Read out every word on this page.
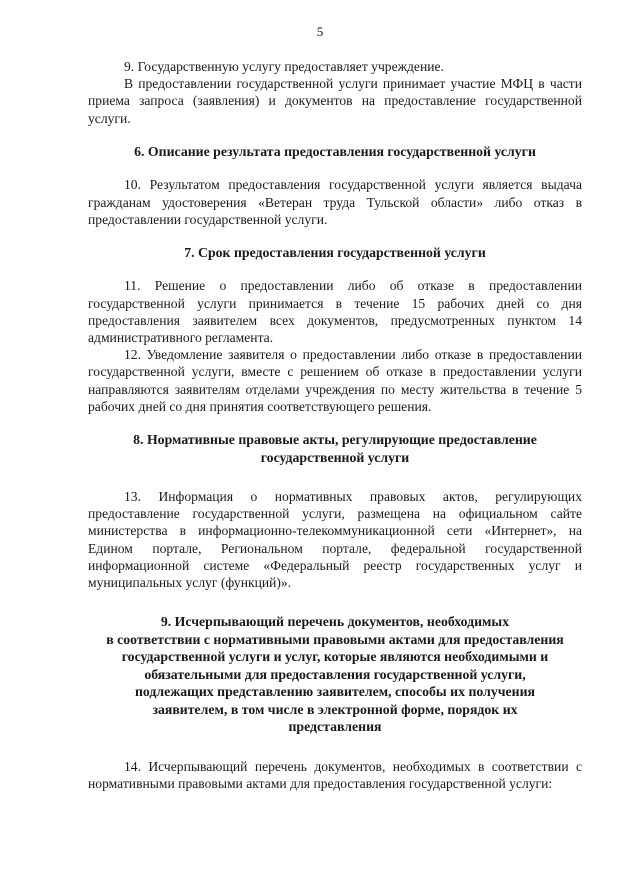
5

9. Государственную услугу предоставляет учреждение.

В предоставлении государственной услуги принимает участие МФЦ в части приема запроса (заявления) и документов на предоставление государственной услуги.

6. Описание результата предоставления государственной услуги

10. Результатом предоставления государственной услуги является выдача гражданам удостоверения «Ветеран труда Тульской области» либо отказ в предоставлении государственной услуги.

7. Срок предоставления государственной услуги

11. Решение о предоставлении либо об отказе в предоставлении государственной услуги принимается в течение 15 рабочих дней со дня предоставления заявителем всех документов, предусмотренных пунктом 14 административного регламента.

12. Уведомление заявителя о предоставлении либо отказе в предоставлении государственной услуги, вместе с решением об отказе в предоставлении услуги направляются заявителям отделами учреждения по месту жительства в течение 5 рабочих дней со дня принятия соответствующего решения.

8. Нормативные правовые акты, регулирующие предоставление
государственной услуги

13. Информация о нормативных правовых актов, регулирующих предоставление государственной услуги, размещена на официальном сайте министерства в информационно-телекоммуникационной сети «Интернет», на Едином портале, Региональном портале, федеральной государственной информационной системе «Федеральный реестр государственных услуг и муниципальных услуг (функций)».

9. Исчерпывающий перечень документов, необходимых
в соответствии с нормативными правовыми актами для предоставления
государственной услуги и услуг, которые являются необходимыми и
обязательными для предоставления государственной услуги,
подлежащих представлению заявителем, способы их получения
заявителем, в том числе в электронной форме, порядок их
представления

14. Исчерпывающий перечень документов, необходимых в соответствии с нормативными правовыми актами для предоставления государственной услуги:
